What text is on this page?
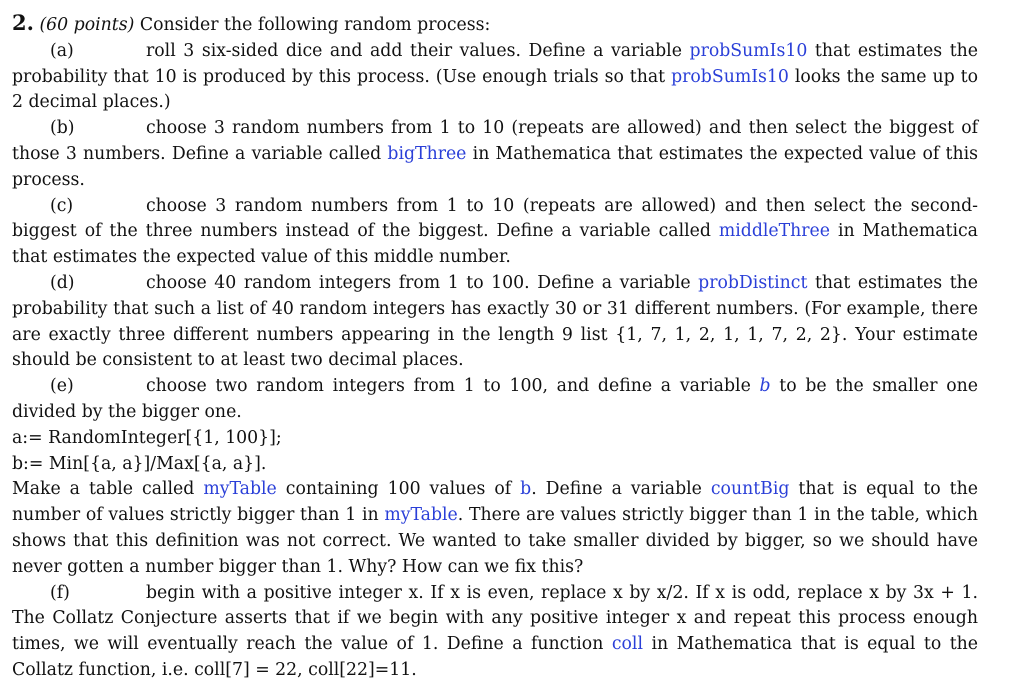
2. (60 points) Consider the following random process:

(a)	roll 3 six-sided dice and add their values. Define a variable probSumIs10 that estimates the probability that 10 is produced by this process. (Use enough trials so that probSumIs10 looks the same up to 2 decimal places.)

(b)	choose 3 random numbers from 1 to 10 (repeats are allowed) and then select the biggest of those 3 numbers. Define a variable called bigThree in Mathematica that estimates the expected value of this process.

(c)	choose 3 random numbers from 1 to 10 (repeats are allowed) and then select the second-biggest of the three numbers instead of the biggest. Define a variable called middleThree in Mathematica that estimates the expected value of this middle number.

(d)	choose 40 random integers from 1 to 100. Define a variable probDistinct that estimates the probability that such a list of 40 random integers has exactly 30 or 31 different numbers. (For example, there are exactly three different numbers appearing in the length 9 list {1, 7, 1, 2, 1, 1, 7, 2, 2}. Your estimate should be consistent to at least two decimal places.

(e)	choose two random integers from 1 to 100, and define a variable b to be the smaller one divided by the bigger one.

a:= RandomInteger[{1, 100}];

b:= Min[{a, a}]/Max[{a, a}].

Make a table called myTable containing 100 values of b. Define a variable countBig that is equal to the number of values strictly bigger than 1 in myTable. There are values strictly bigger than 1 in the table, which shows that this definition was not correct. We wanted to take smaller divided by bigger, so we should have never gotten a number bigger than 1. Why? How can we fix this?

(f)	begin with a positive integer x. If x is even, replace x by x/2. If x is odd, replace x by 3x + 1. The Collatz Conjecture asserts that if we begin with any positive integer x and repeat this process enough times, we will eventually reach the value of 1. Define a function coll in Mathematica that is equal to the Collatz function, i.e. coll[7] = 22, coll[22]=11.
